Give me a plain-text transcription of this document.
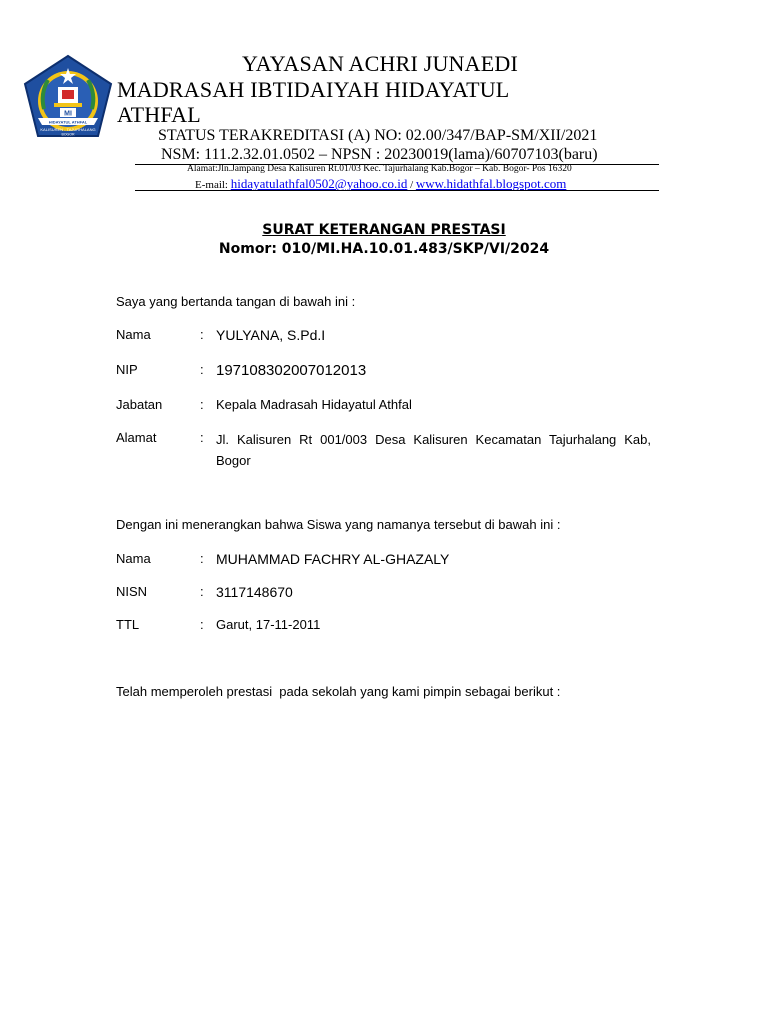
MI
HIDAYATUL ATHFAL
KALISUREN - TAJURHALANG
BOGOR
YAYASAN ACHRI JUNAEDI
MADRASAH IBTIDAIYAH HIDAYATUL
ATHFAL
STATUS TERAKREDITASI (A) NO: 02.00/347/BAP-SM/XII/2021
NSM: 111.2.32.01.0502 – NPSN : 20230019(lama)/60707103(baru)
Alamat:Jln.Jampang Desa Kalisuren Rt.01/03 Kec. Tajurhalang Kab.Bogor – Kab. Bogor- Pos 16320
E-mail: hidayatulathfal0502@yahoo.co.id / www.hidathfal.blogspot.com
SURAT KETERANGAN PRESTASI
Nomor: 010/MI.HA.10.01.483/SKP/VI/2024
Saya yang bertanda tangan di bawah ini :
Nama	: YULYANA, S.Pd.I
NIP	: 197108302007012013
Jabatan	: Kepala Madrasah Hidayatul Athfal
Alamat	: Jl. Kalisuren Rt 001/003 Desa Kalisuren Kecamatan Tajurhalang Kab, Bogor
Dengan ini menerangkan bahwa Siswa yang namanya tersebut di bawah ini :
Nama	: MUHAMMAD FACHRY AL-GHAZALY
NISN	: 3117148670
TTL	: Garut, 17-11-2011
Telah memperoleh prestasi  pada sekolah yang kami pimpin sebagai berikut :
